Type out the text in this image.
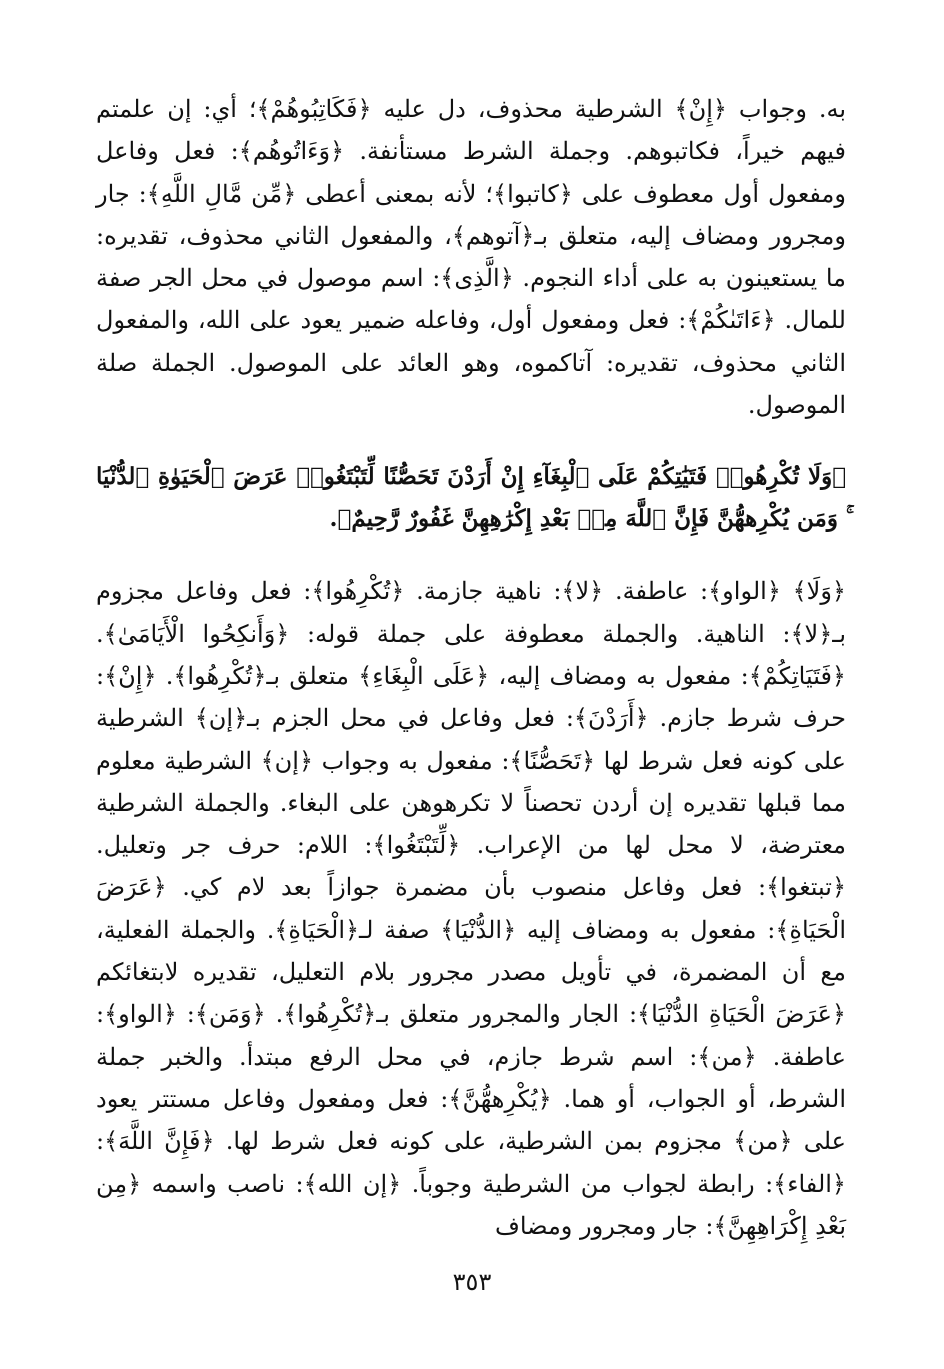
به. وجواب ﴿إِنْ﴾ الشرطية محذوف، دل عليه ﴿فَكَاتِبُوهُمْ﴾؛ أي: إن علمتم فيهم خيراً، فكاتبوهم. وجملة الشرط مستأنفة. ﴿وَءَاتُوهُم﴾: فعل وفاعل ومفعول أول معطوف على ﴿كاتبوا﴾؛ لأنه بمعنى أعطى ﴿مِّن مَّالِ اللَّهِ﴾: جار ومجرور ومضاف إليه، متعلق بـ﴿آتوهم﴾، والمفعول الثاني محذوف، تقديره: ما يستعينون به على أداء النجوم. ﴿الَّذِى﴾: اسم موصول في محل الجر صفة للمال. ﴿ءَاتَىٰكُمْ﴾: فعل ومفعول أول، وفاعله ضمير يعود على الله، والمفعول الثاني محذوف، تقديره: آتاكموه، وهو العائد على الموصول. الجملة صلة الموصول.

﴿وَلَا تُكْرِهُوا۟ فَتَيَٰتِكُمْ عَلَى ٱلْبِغَآءِ إِنْ أَرَدْنَ تَحَصُّنًا لِّتَبْتَغُوا۟ عَرَضَ ٱلْحَيَوٰةِ ٱلدُّنْيَا ۚ وَمَن يُكْرِههُّنَّ فَإِنَّ ٱللَّهَ مِنۢ بَعْدِ إِكْرَٰهِهِنَّ غَفُورٌ رَّحِيمٌ﴾.

﴿وَلَا﴾ ﴿الواو﴾: عاطفة. ﴿لا﴾: ناهية جازمة. ﴿تُكْرِهُوا﴾: فعل وفاعل مجزوم بـ﴿لا﴾: الناهية. والجملة معطوفة على جملة قوله: ﴿وَأَنكِحُوا الْأَيَامَىٰ﴾. ﴿فَتَيَاتِكُمْ﴾: مفعول به ومضاف إليه، ﴿عَلَى الْبِغَاءِ﴾ متعلق بـ﴿تُكْرِهُوا﴾. ﴿إِنْ﴾: حرف شرط جازم. ﴿أَرَدْنَ﴾: فعل وفاعل في محل الجزم بـ﴿إن﴾ الشرطية على كونه فعل شرط لها ﴿تَحَصُّنًا﴾: مفعول به وجواب ﴿إن﴾ الشرطية معلوم مما قبلها تقديره إن أردن تحصناً لا تكرهوهن على البغاء. والجملة الشرطية معترضة، لا محل لها من الإعراب. ﴿لِّتَبْتَغُوا﴾: اللام: حرف جر وتعليل. ﴿تبتغوا﴾: فعل وفاعل منصوب بأن مضمرة جوازاً بعد لام كي. ﴿عَرَضَ الْحَيَاةِ﴾: مفعول به ومضاف إليه ﴿الدُّنْيَا﴾ صفة لـ﴿الْحَيَاةِ﴾. والجملة الفعلية، مع أن المضمرة، في تأويل مصدر مجرور بلام التعليل، تقديره لابتغائكم ﴿عَرَضَ الْحَيَاةِ الدُّنْيَا﴾: الجار والمجرور متعلق بـ﴿تُكْرِهُوا﴾. ﴿وَمَن﴾: ﴿الواو﴾: عاطفة. ﴿من﴾: اسم شرط جازم، في محل الرفع مبتدأ. والخبر جملة الشرط، أو الجواب، أو هما. ﴿يُكْرِههُّنَّ﴾: فعل ومفعول وفاعل مستتر يعود على ﴿من﴾ مجزوم بمن الشرطية، على كونه فعل شرط لها. ﴿فَإِنَّ اللَّهَ﴾: ﴿الفاء﴾: رابطة لجواب من الشرطية وجوباً. ﴿إن الله﴾: ناصب واسمه ﴿مِن بَعْدِ إِكْرَاهِهِنَّ﴾: جار ومجرور ومضاف

٣٥٣
